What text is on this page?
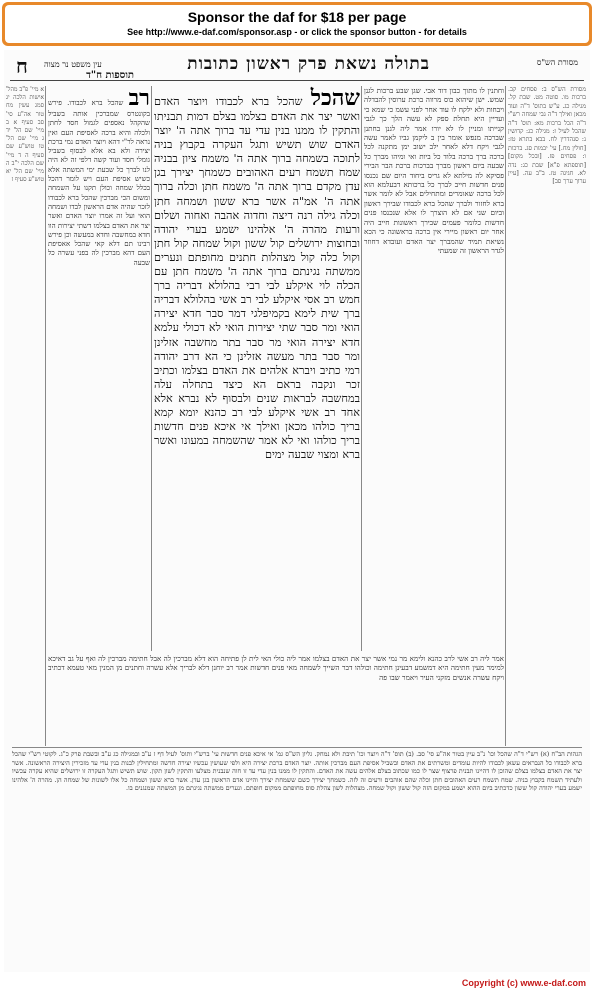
Sponsor the daf for $18 per page
See http://www.e-daf.com/sponsor.asp - or click the sponsor button - for details
מסורת הש"ס
בתולה נשאת פרק ראשון כתובות
עין משפט נר מצוה
ח
מסורת הש"ס ב: פסחים קב. ברכות מו. סוטה מט. שבת קל. מגילה כג. ע"ש בתוס' ד"ה ועוד מכאן ואילך ד"ה גבי שמחה רש"י ד"ה הכל ברכות מא: תוס' ד"ה שהכל לעיל ז: מגילה כג: קדושין נ: סנהדרין לח. בבא בתרא טז: [חולין מח.] עי' יבמות סג. ברכות ו: פסחים פז. [ובכל מקום] [תוספתא פ"א] שבת כג: נדה לא. חגיגה טז. ב"ב עה. [עיין ערוך ערך סב]
וחתנין לו מתוך כבון דוד אבי. שגן שבע ברכות לגנן שמש. ישן שיהוא כוס מרווה ברכת ערוסין להבדלה ויבחות ולא ילקח לו עוד אחר לפני עשמ כי שמא כי ועדיין היא תחלת ספק לא עשה הלך כך לגבי קנייתו ומניין לו לא יורו אמר ליה לגנן בחתנן שברכה מנפש אומר בין ב ליקמן גביו לאמר עשה לגבי ויקח דלא לאחר ילב ישוב ימן מתקנה לכל ברכה ברך ברכה בלוד כל ביות ואי ומיהו מברך כל שבעה ביום ראשון מברך בברכות ברכת הבר הבירי פסיקא לה מילתא לא גריס ביחוד היום שם נכנסו פנים חדשות חייב לברך כל ברכותא דבעלמא הוא לכל ברכה שאומרים ומתחילים אבל לא לומר אשר ברא לחזור ולברך שהכל ברא לכבודו שבירך ראשון וביום שני אם לא הוצרך לו אלא שנכנסו פנים חדשות כלומר פעמים שבירך ראשונות חייב היה אחר יום ראשון מיירי אין ברכה בראשונה כי הכא נשיאת תמיד שהמברך יצר האדם ועובדא דחוזר לגדר הראשון זה שמעתי
שהכל שהכל ברא לכבודו ויוצר האדם ואשר יצר את האדם בצלמו בצלם דמות תבניתו והתקין לו ממנו בנין עדי עד ברוך אתה ה' יוצר האדם שוש תשיש ותגל העקרה בקבוץ בניה לתוכה בשמחה ברוך אתה ה' משמח ציון בבניה שמח תשמח רעים האהובים כשמחך יצירך בגן עדן מקדם ברוך אתה ה' משמח חתן וכלה ברוך אתה ה' אמ"ה אשר ברא ששון ושמחה חתן וכלה גילה רנה דיצה וחדוה אהבה ואחוה ושלום ורעות מהרה ה' אלהינו ישמע בערי יהודה ובחוצות ירושלים קול ששון וקול שמחה קול חתן וקול כלה קול מצהלות חתנים מחופתם ונערים ממשתה נגינתם ברוך אתה ה' משמח חתן עם הכלה לוי איקלע לבי רבי בהלולא דבריה ברך חמש רב אסי איקלע לבי רב אשי בהלולא דבריה ברך שית לימא בקמיפלגי דמר סבר חדא יצירה הואי ומר סבר שתי יצירות הואי לא דכולי עלמא חדא יצירה הואי מר סבר בתר מחשבה אזלינן ומר סבר בתר מעשה אזלינן כי הא דרב יהודה רמי כתיב ויברא אלהים את האדם בצלמו וכתיב זכר ונקבה בראם הא כיצד בתחלה עלה במחשבה לבראות שנים ולבסוף לא נברא אלא אחד רב אשי איקלע לבי רב כהנא יומא קמא בריך כולהו מכאן ואילך אי איכא פנים חדשות בריך כולהו ואי לא אמר שהשמחה במעונו ואשר ברא ומצוי שבעה ימים
תוספות ח"ד
רב שהכל ברא לכבודו. פירש בקונטרס שמברכין אותה בשביל שהקהל נאספים לגמול חסד לחתן ולכלה והיא ברכה לאסיפת העם ואין נראה לר"י דהא ויוצר האדם נמי ברכת יצירה ולא בא אלא לבסוף בשביל גומלי חסד ועוד קשה דלפי זה לא היה לנו לברך כל שבעת ימי המשתה אלא כשיש אסיפת העם ויש לומר דהכל בכלל שמחה וכולן תקנו על השמחה ומשום הכי מברכין שהכל ברא לכבודו לזכר שהיה אדם הראשון לבדו ושמחה הואי ועל זה אמרו יוצר האדם ואשר יצר את האדם בצלמו דשתי יצירות הוו חדא במחשבה וחדא במעשה וכן פירש רבינו תם דלא קאי שהכל אאסיפת העם דהא מברכין לה בפני עשרה כל שבעה
א מיי' פ"ב מהל' אישות הלכה יג סמג עשין מח טור אה"ע סי' סב סעיף א ב מיי' שם הל' יד ג מיי' שם הל' טו טוש"ע שם סעיף ה ד מיי' שם הלכה י"ב ה מיי' שם הל' יא טוש"ע סעיף ז
אמר ליה רב אשי לרב כהנא ולימא מר נמי אשר יצר את האדם בצלמו אמר ליה כולי האי לית לן פתיחה הוא דלא מברכין לה אבל חתימה מברכין לה ואף על גב דאיכא למימר מעין חתימה היא דמשמע דבעינן חתימה וכולהו דבר השייך לשמחה מאי פנים חדשות אמר רב יוחנן דלא לבריך אלא עשרה וחתנים מן המנין מאי טעמא דכתיב ויקח עשרה אנשים מזקני העיר ויאמר שבו פה
הגהות הב"ח (א) רש"י ד"ה שהכל וכו' נ"ב עיין בטור אה"ע סי' סב. (ב) תוס' ד"ה ויוצר וכו' תיבת ולא נמחק. גליון הש"ס גמ' אי איכא פנים חדשות עי' ברש"י ותוס' לעיל דף ז ע"ב ובמגילה כג ע"ב ובשבת פרק כ"ג. לקוטי רש"י שהכל ברא לכבודו כל הנבראים עשאן לכבודו להיות עומדים ומשרתים את האדם ובשביל אסיפת העם מברכין אותה. יוצר האדם ברכת יצירה היא ולפי שעושין עכשיו יצירה חדשה ומתחילין לבנות בנין עדי עד מזכירין היצירה הראשונה. אשר יצר את האדם בצלמו בצלם שהוכן לו דהיינו תבנית פרצוף שצר לו כמו שכתוב בצלם אלהים עשה את האדם. והתקין לו ממנו בנין עדי עד זו חוה שנבנית מצלעו והתקין לשון תקון. שוש תשיש ותגל העקרה זו ירושלים שהיא עקרה עכשיו ולעתיד תשמח בקבוץ בניה. שמח תשמח רעים האהובים חתן וכלה שהם אוהבים ורעים זה לזה. כשמחך יצירך כשם ששמחת יצירך והיינו אדם הראשון בגן עדן. אשר ברא ששון ושמחה כל אלו לשונות של שמחה הן. מהרה ה' אלהינו ישמע בערי יהודה קול ששון כדכתיב ביום ההוא ישמע במקום הזה קול ששון וקול שמחה. מצהלות לשון צהלת סוס מחופתם ממקום חופתם. ונערים ממשתה נגינתם מן המשתה שמנגנים בו.
Copyright (c) www.e-daf.com
